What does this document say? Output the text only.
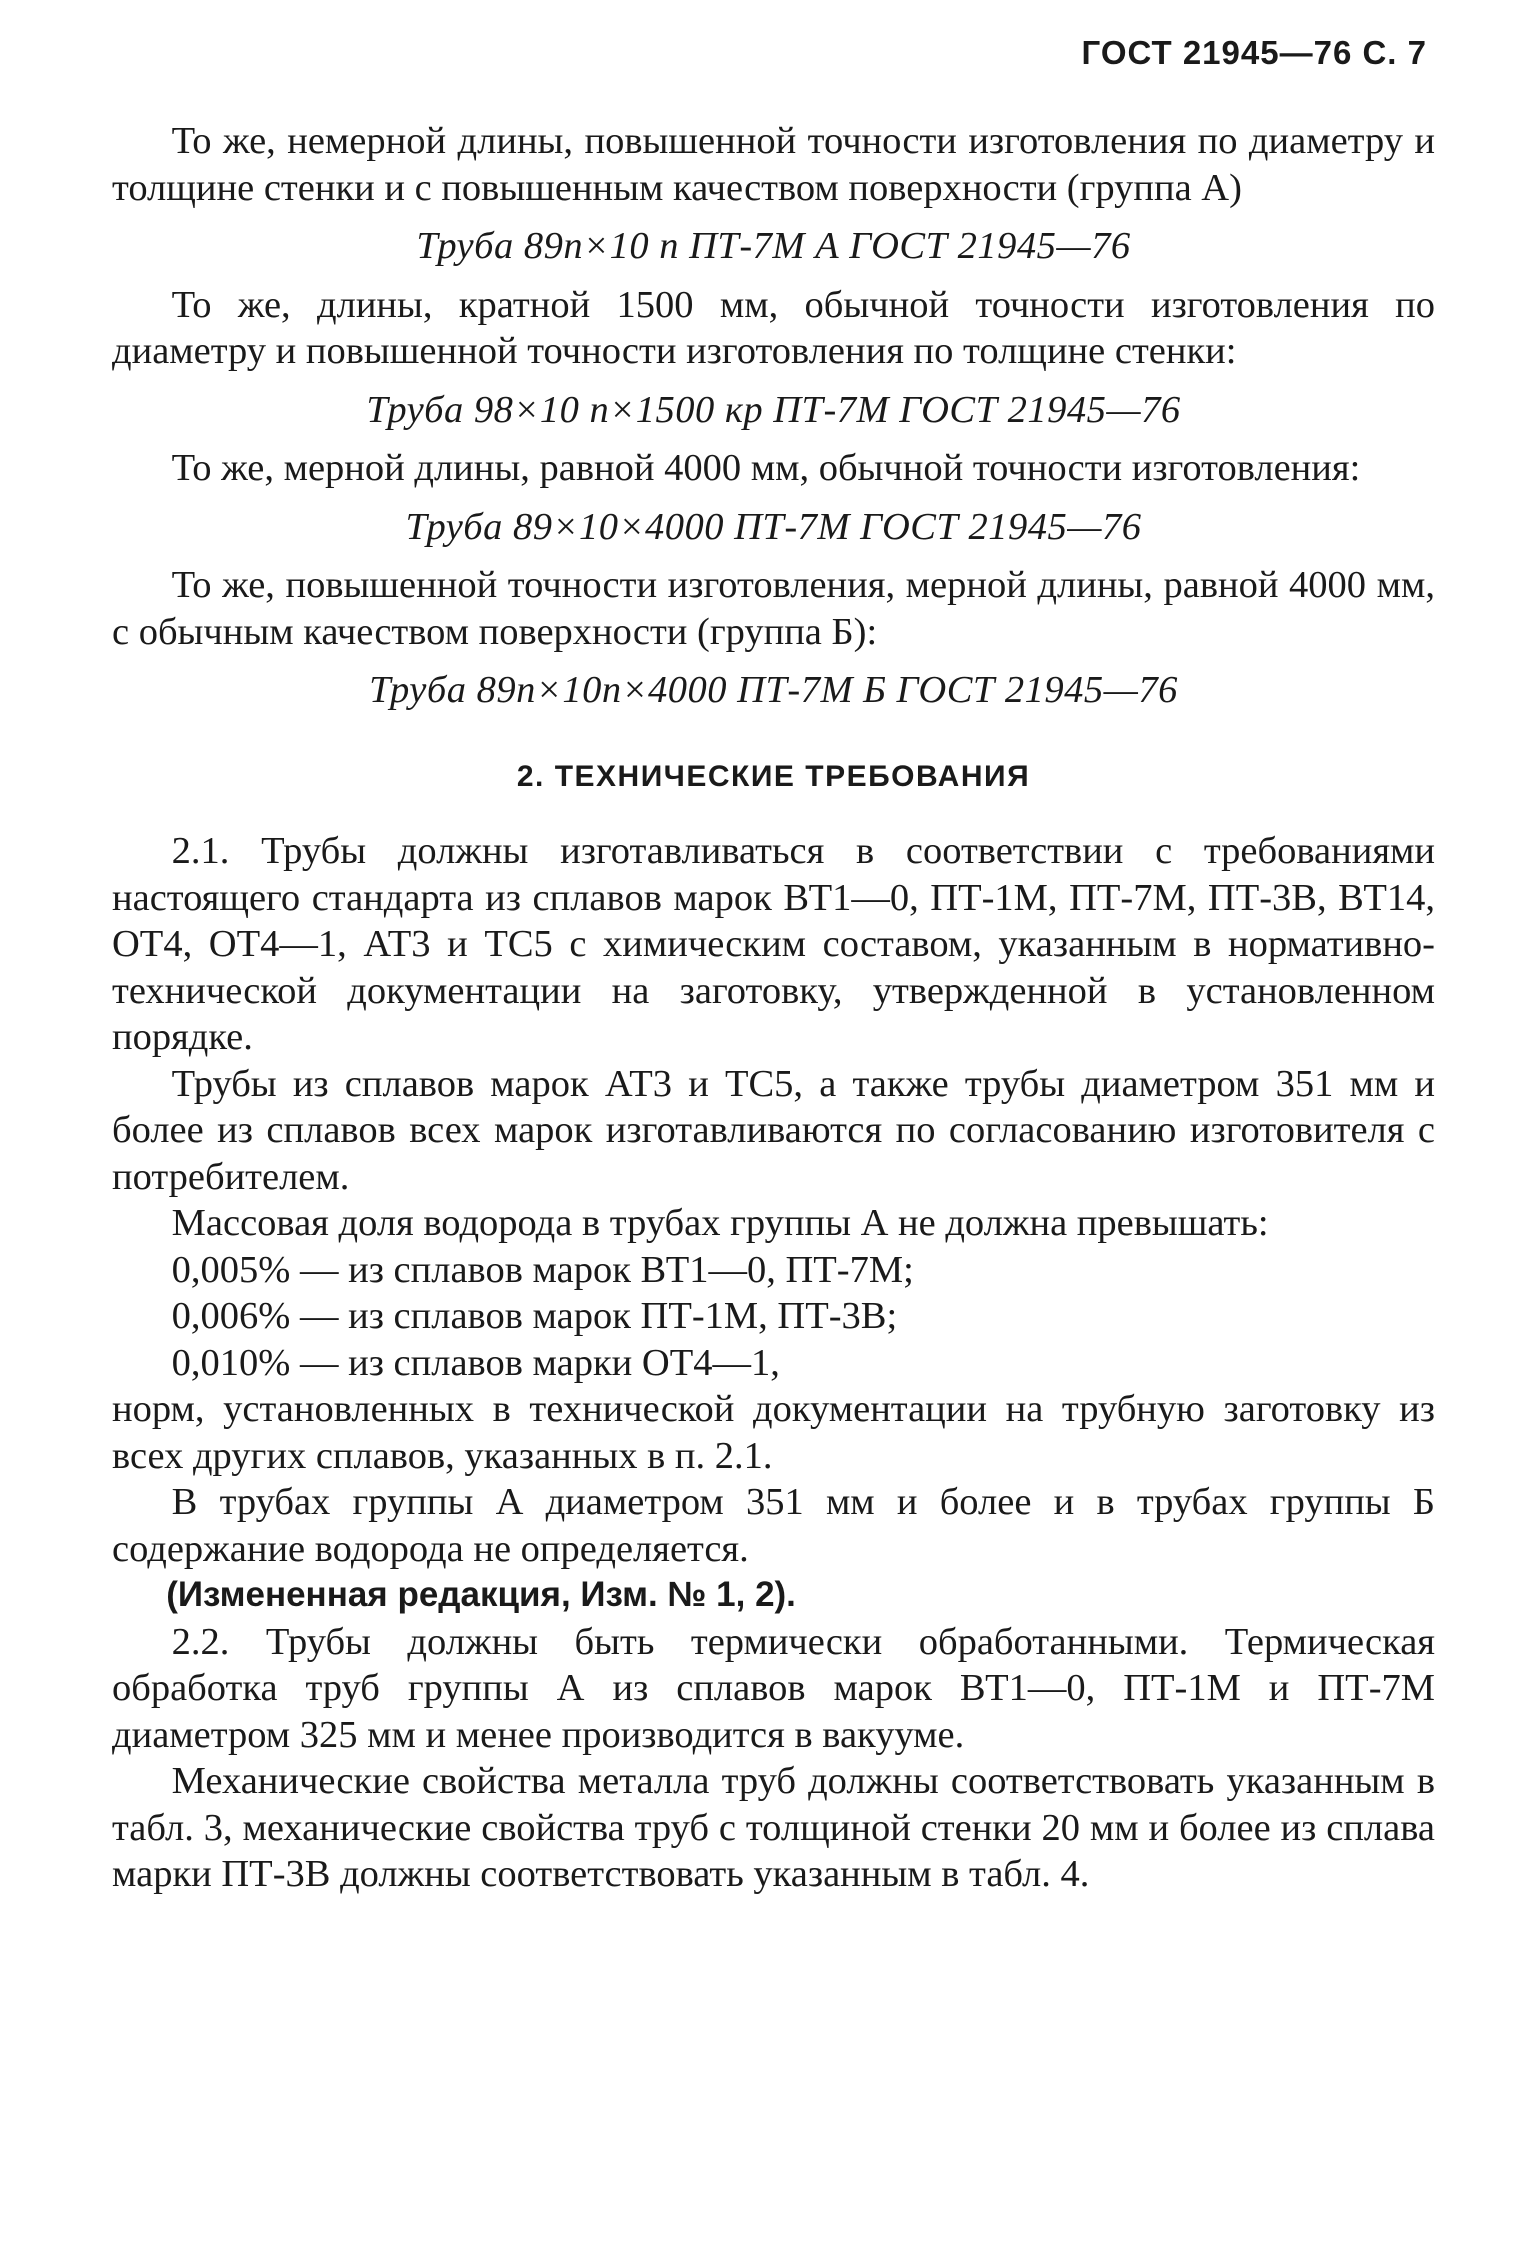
ГОСТ 21945—76 С. 7

То же, немерной длины, повышенной точности изготовления по диаметру и толщине стенки и с повышенным качеством поверхности (группа А)

Труба 89п×10 п ПТ-7М А ГОСТ 21945—76

То же, длины, кратной 1500 мм, обычной точности изготовления по диаметру и повышенной точности изготовления по толщине стенки:

Труба 98×10 п×1500 кр ПТ-7М ГОСТ 21945—76

То же, мерной длины, равной 4000 мм, обычной точности изготовления:

Труба 89×10×4000 ПТ-7М ГОСТ 21945—76

То же, повышенной точности изготовления, мерной длины, равной 4000 мм, с обычным качеством поверхности (группа Б):

Труба 89п×10п×4000 ПТ-7М Б ГОСТ 21945—76

2. ТЕХНИЧЕСКИЕ ТРЕБОВАНИЯ

2.1. Трубы должны изготавливаться в соответствии с требованиями настоящего стандарта из сплавов марок ВТ1—0, ПТ-1М, ПТ-7М, ПТ-3В, ВТ14, ОТ4, ОТ4—1, АТ3 и ТС5 с химическим составом, указанным в нормативно-технической документации на заготовку, утвержденной в установленном порядке.

Трубы из сплавов марок АТ3 и ТС5, а также трубы диаметром 351 мм и более из сплавов всех марок изготавливаются по согласованию изготовителя с потребителем.

Массовая доля водорода в трубах группы А не должна превышать:

0,005% — из сплавов марок ВТ1—0, ПТ-7М;

0,006% — из сплавов марок ПТ-1М, ПТ-3В;

0,010% — из сплавов марки ОТ4—1,

норм, установленных в технической документации на трубную заготовку из всех других сплавов, указанных в п. 2.1.

В трубах группы А диаметром 351 мм и более и в трубах группы Б содержание водорода не определяется.

(Измененная редакция, Изм. № 1, 2).

2.2. Трубы должны быть термически обработанными. Термическая обработка труб группы А из сплавов марок ВТ1—0, ПТ-1М и ПТ-7М диаметром 325 мм и менее производится в вакууме.

Механические свойства металла труб должны соответствовать указанным в табл. 3, механические свойства труб с толщиной стенки 20 мм и более из сплава марки ПТ-3В должны соответствовать указанным в табл. 4.
